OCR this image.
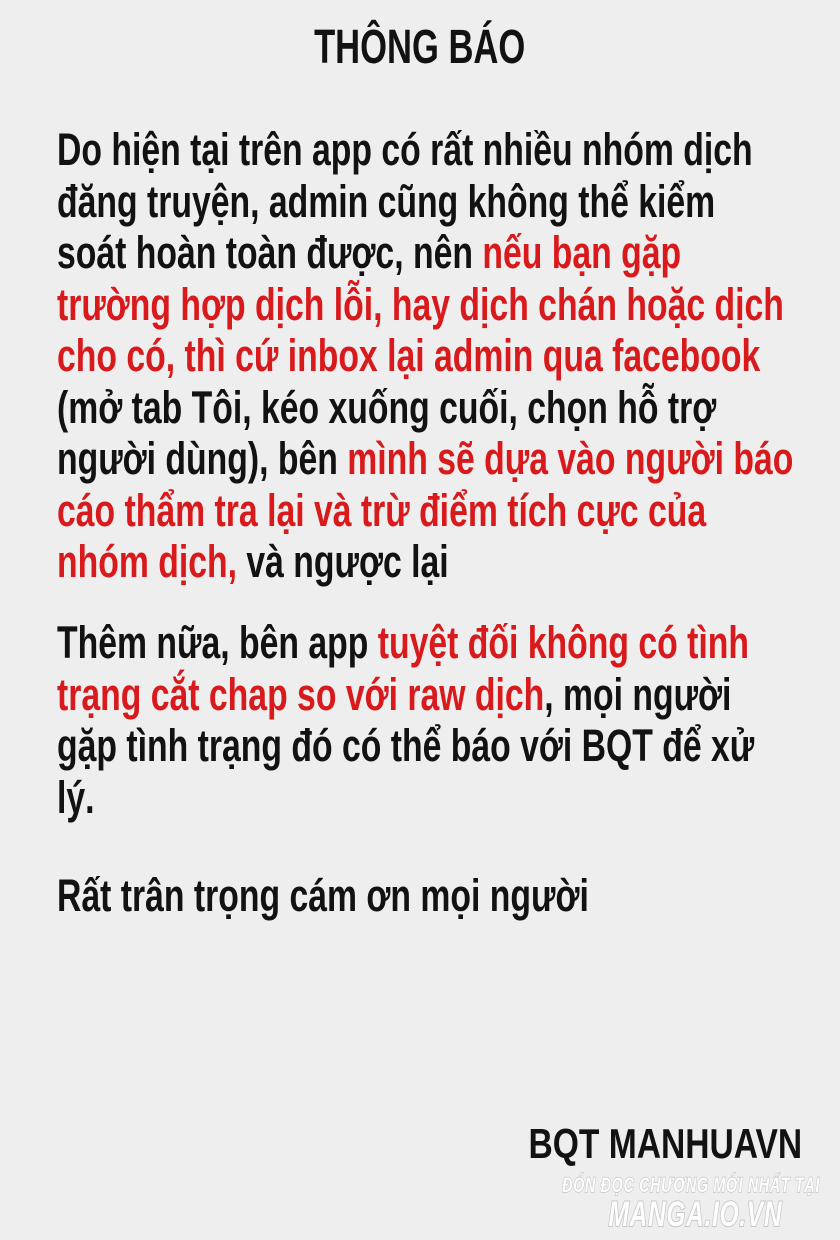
THÔNG BÁO
Do hiện tại trên app có rất nhiều nhóm dịch
đăng truyện, admin cũng không thể kiểm
soát hoàn toàn được, nên nếu bạn gặp
trường hợp dịch lỗi, hay dịch chán hoặc dịch
cho có, thì cứ inbox lại admin qua facebook
(mở tab Tôi, kéo xuống cuối, chọn hỗ trợ
người dùng), bên mình sẽ dựa vào người báo
cáo thẩm tra lại và trừ điểm tích cực của
nhóm dịch, và ngược lại
Thêm nữa, bên app tuyệt đối không có tình
trạng cắt chap so với raw dịch, mọi người
gặp tình trạng đó có thể báo với BQT để xử
lý.
Rất trân trọng cám ơn mọi người
BQT MANHUAVN
ĐÓN ĐỌC CHƯƠNG MỚI NHẤT TẠI
MANGA.IO.VN
